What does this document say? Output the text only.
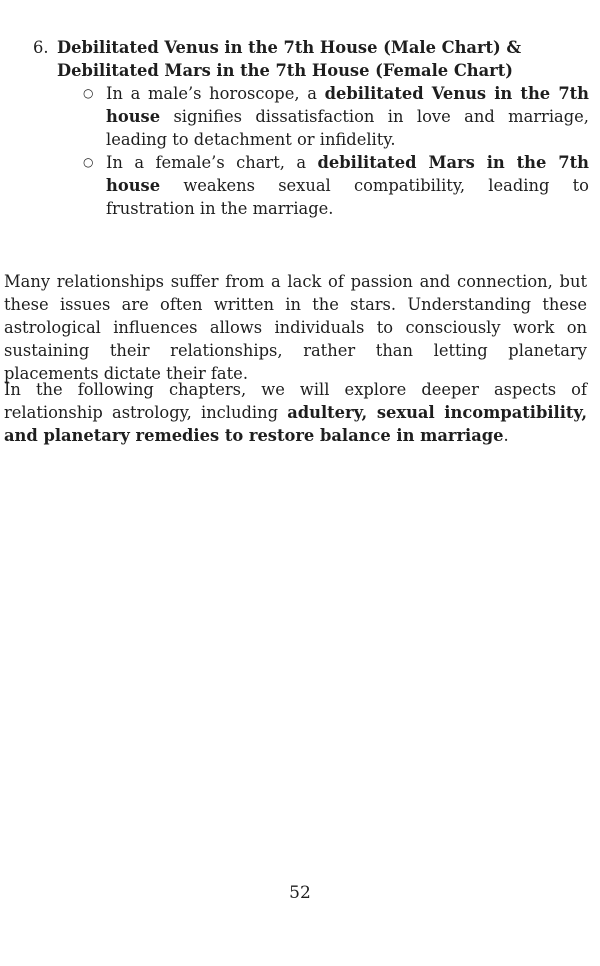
6. Debilitated Venus in the 7th House (Male Chart) & Debilitated Mars in the 7th House (Female Chart)
○ In a male’s horoscope, a debilitated Venus in the 7th house signifies dissatisfaction in love and marriage, leading to detachment or infidelity.
○ In a female’s chart, a debilitated Mars in the 7th house weakens sexual compatibility, leading to frustration in the marriage.

Many relationships suffer from a lack of passion and connection, but these issues are often written in the stars. Understanding these astrological influences allows individuals to consciously work on sustaining their relationships, rather than letting planetary placements dictate their fate.

In the following chapters, we will explore deeper aspects of relationship astrology, including adultery, sexual incompatibility, and planetary remedies to restore balance in marriage.

52
